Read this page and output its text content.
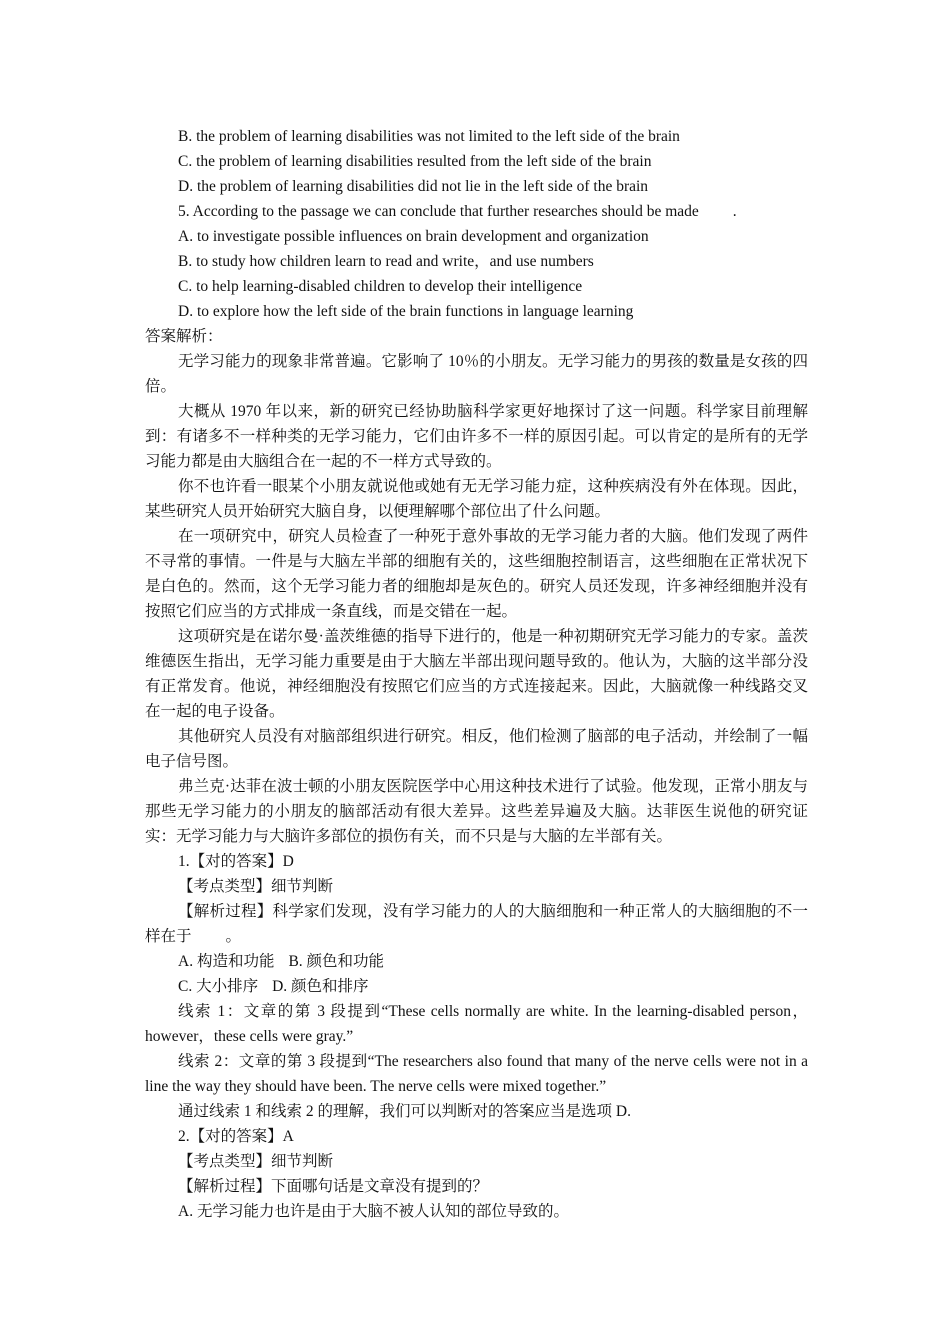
B. the problem of learning disabilities was not limited to the left side of the brain

C. the problem of learning disabilities resulted from the left side of the brain

D. the problem of learning disabilities did not lie in the left side of the brain

5. According to the passage we can conclude that further researches should be made .

A. to investigate possible influences on brain development and organization

B. to study how children learn to read and write，and use numbers

C. to help learning-disabled children to develop their intelligence

D. to explore how the left side of the brain functions in language learning

答案解析：

无学习能力的现象非常普遍。它影响了 10％的小朋友。无学习能力的男孩的数量是女孩的四倍。

大概从 1970 年以来，新的研究已经协助脑科学家更好地探讨了这一问题。科学家目前理解到：有诸多不一样种类的无学习能力，它们由许多不一样的原因引起。可以肯定的是所有的无学习能力都是由大脑组合在一起的不一样方式导致的。

你不也许看一眼某个小朋友就说他或她有无无学习能力症，这种疾病没有外在体现。因此，某些研究人员开始研究大脑自身，以便理解哪个部位出了什么问题。

在一项研究中，研究人员检查了一种死于意外事故的无学习能力者的大脑。他们发现了两件不寻常的事情。一件是与大脑左半部的细胞有关的，这些细胞控制语言，这些细胞在正常状况下是白色的。然而，这个无学习能力者的细胞却是灰色的。研究人员还发现，许多神经细胞并没有按照它们应当的方式排成一条直线，而是交错在一起。

这项研究是在诺尔曼·盖茨维德的指导下进行的，他是一种初期研究无学习能力的专家。盖茨维德医生指出，无学习能力重要是由于大脑左半部出现问题导致的。他认为，大脑的这半部分没有正常发育。他说，神经细胞没有按照它们应当的方式连接起来。因此，大脑就像一种线路交叉在一起的电子设备。

其他研究人员没有对脑部组织进行研究。相反，他们检测了脑部的电子活动，并绘制了一幅电子信号图。

弗兰克·达菲在波士顿的小朋友医院医学中心用这种技术进行了试验。他发现，正常小朋友与那些无学习能力的小朋友的脑部活动有很大差异。这些差异遍及大脑。达菲医生说他的研究证实：无学习能力与大脑许多部位的损伤有关，而不只是与大脑的左半部有关。

1.【对的答案】D

【考点类型】细节判断

【解析过程】科学家们发现，没有学习能力的人的大脑细胞和一种正常人的大脑细胞的不一样在于 。

A. 构造和功能 B. 颜色和功能

C. 大小排序 D. 颜色和排序

线索 1：文章的第 3 段提到“These cells normally are white. In the learning-disabled person，however，these cells were gray.”

线索 2：文章的第 3 段提到“The researchers also found that many of the nerve cells were not in a line the way they should have been. The nerve cells were mixed together.”

通过线索 1 和线索 2 的理解，我们可以判断对的答案应当是选项 D.

2.【对的答案】A

【考点类型】细节判断

【解析过程】下面哪句话是文章没有提到的？

A. 无学习能力也许是由于大脑不被人认知的部位导致的。
